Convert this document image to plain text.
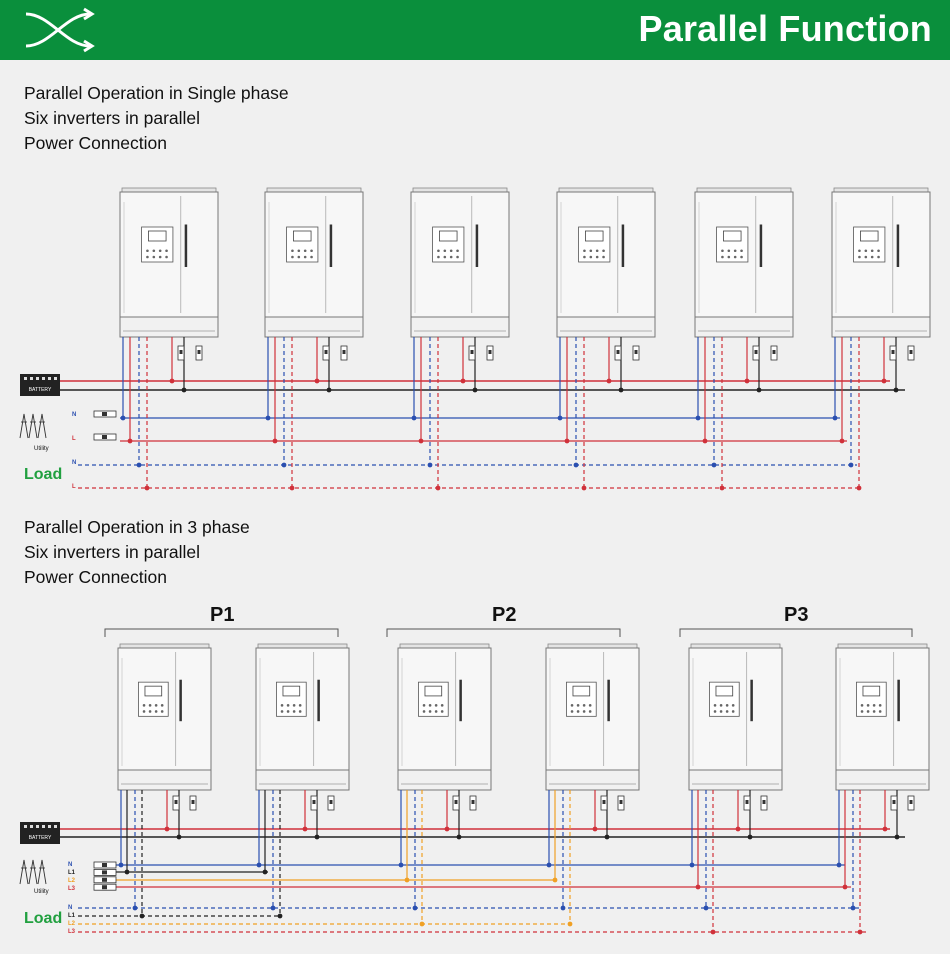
Parallel Function
Parallel Operation in Single phase
Six inverters in parallel
Power Connection
Parallel Operation in 3 phase
Six inverters in parallel
Power Connection
BATTERY
BATTERY
Load
Utility
N
L
N
L
P1	P2	P3
Load
Utility
N
L1
L2
L3
N
L1
L2
L3
